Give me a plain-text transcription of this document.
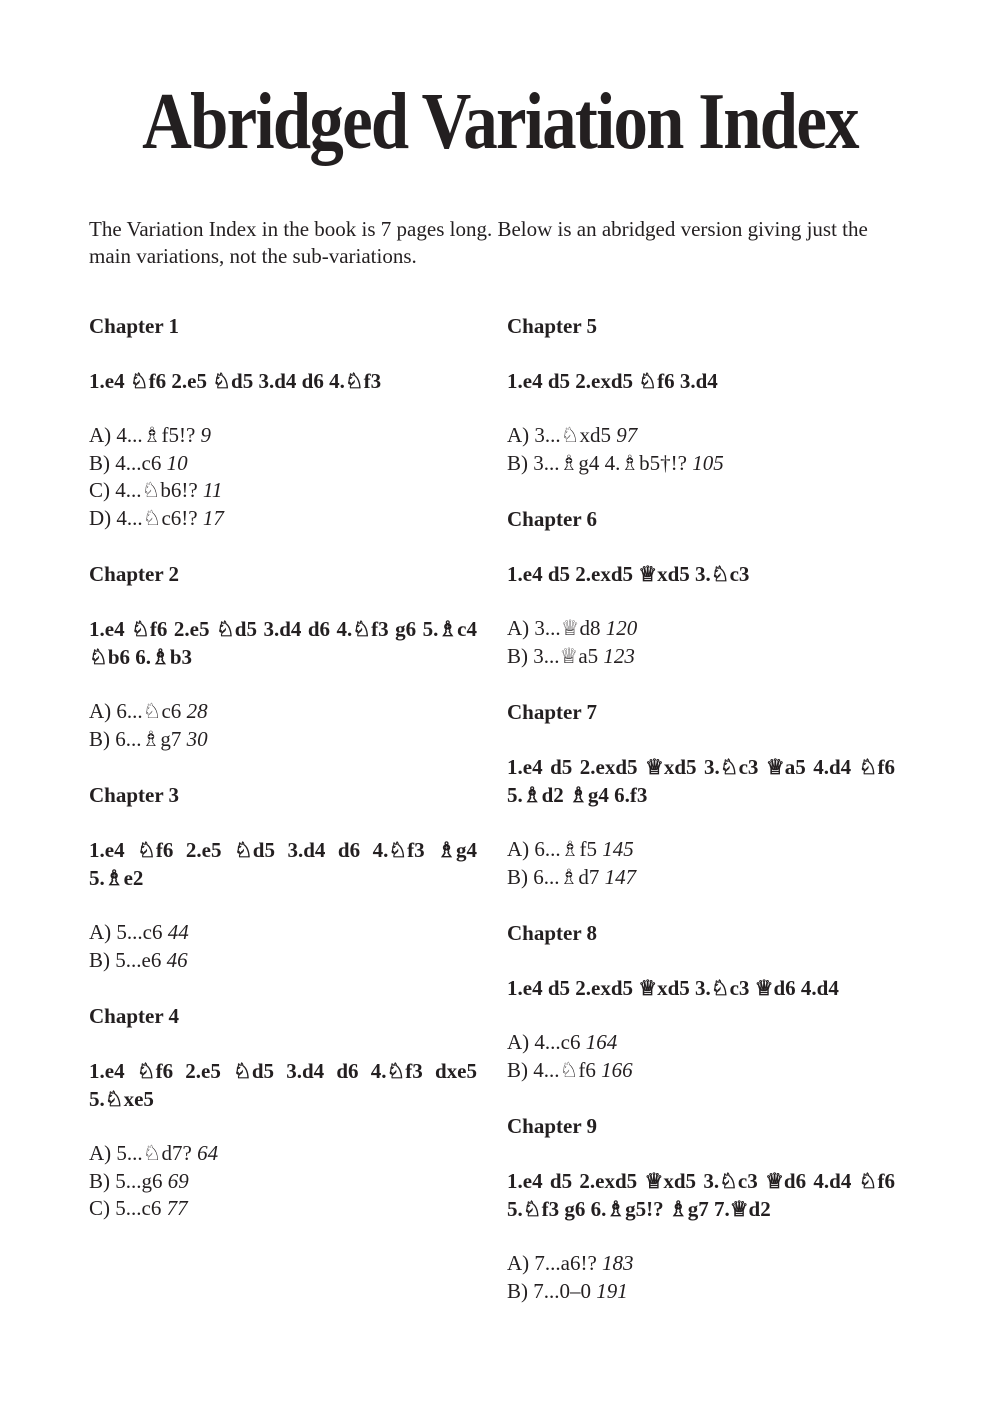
Abridged Variation Index

The Variation Index in the book is 7 pages long. Below is an abridged version giving just the main variations, not the sub-variations.

Chapter 1

1.e4 ♘f6 2.e5 ♘d5 3.d4 d6 4.♘f3

A) 4...♗f5!? 9
B) 4...c6 10
C) 4...♘b6!? 11
D) 4...♘c6!? 17
Chapter 2

1.e4 ♘f6 2.e5 ♘d5 3.d4 d6 4.♘f3 g6 5.♗c4 ♘b6 6.♗b3

A) 6...♘c6 28
B) 6...♗g7 30
Chapter 3

1.e4 ♘f6 2.e5 ♘d5 3.d4 d6 4.♘f3 ♗g4 5.♗e2

A) 5...c6 44
B) 5...e6 46
Chapter 4

1.e4 ♘f6 2.e5 ♘d5 3.d4 d6 4.♘f3 dxe5 5.♘xe5

A) 5...♘d7? 64
B) 5...g6 69
C) 5...c6 77
Chapter 5

1.e4 d5 2.exd5 ♘f6 3.d4

A) 3...♘xd5 97
B) 3...♗g4 4.♗b5†!? 105
Chapter 6

1.e4 d5 2.exd5 ♕xd5 3.♘c3

A) 3...♕d8 120
B) 3...♕a5 123
Chapter 7

1.e4 d5 2.exd5 ♕xd5 3.♘c3 ♕a5 4.d4 ♘f6 5.♗d2 ♗g4 6.f3

A) 6...♗f5 145
B) 6...♗d7 147
Chapter 8

1.e4 d5 2.exd5 ♕xd5 3.♘c3 ♕d6 4.d4

A) 4...c6 164
B) 4...♘f6 166
Chapter 9

1.e4 d5 2.exd5 ♕xd5 3.♘c3 ♕d6 4.d4 ♘f6 5.♘f3 g6 6.♗g5!? ♗g7 7.♕d2

A) 7...a6!? 183
B) 7...0–0 191
